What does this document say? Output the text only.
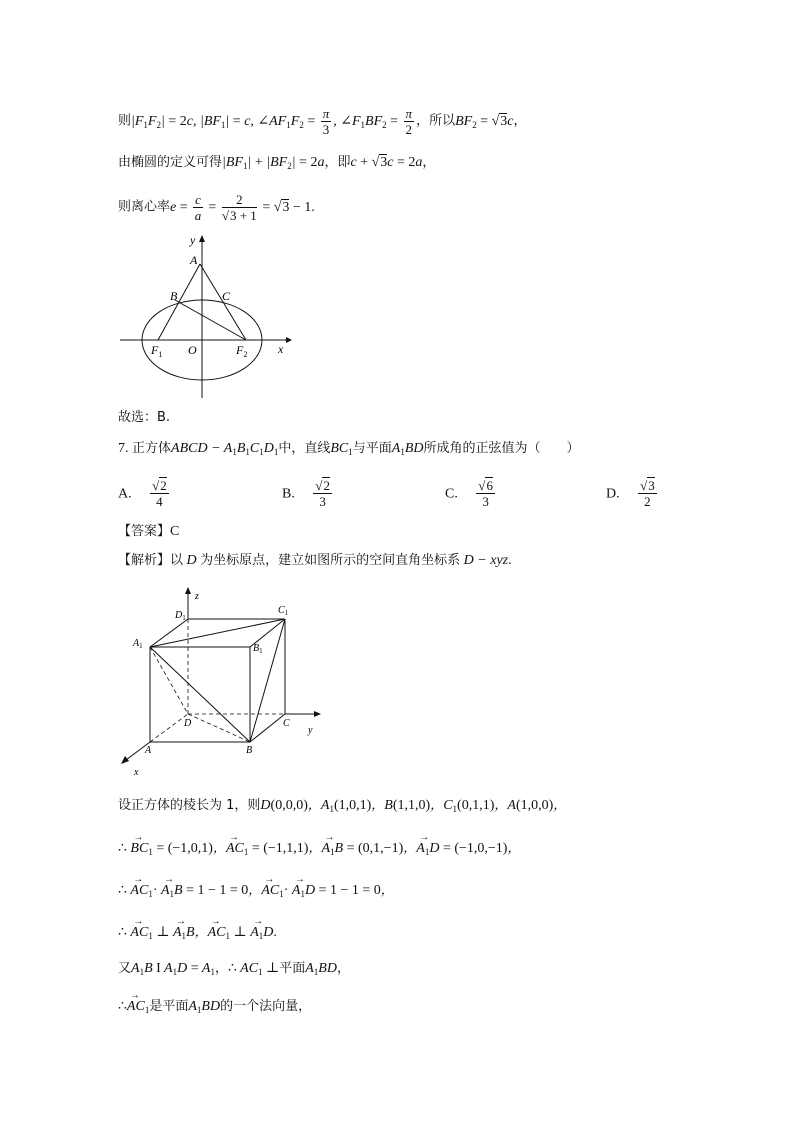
则$|F_1F_2| = 2c$, $|BF_1| = c$, $\angle AF_1F_2 = \frac{\pi}{3}$ , $\angle F_1BF_2 = \frac{\pi}{2}$ ，所以$BF_2 = √3c$，
由椭圆的定义可得$|BF_1| + |BF_2| = 2a$，即c + √3c = 2a，
则离心率$e = \frac{c}{a} = \frac{2}{√3 + 1} = √3 - 1$.
y
A
B	C
$F_1$ O	$F_2$	x
故选：B.
7. 正方体ABCD − $A_1B_1C_1D_1$中，直线$BC_1$与平面$A_1BD$所成角的正弦值为（　　）
A. $\frac{√2}{4}$	B. $\frac{√2}{3}$	C. $\frac{√6}{3}$	D. $\frac{√3}{2}$
【答案】C
【解析】以 D 为坐标原点，建立如图所示的空间直角坐标系 D − xyz.
z
$D_1$
$C_1$
$A_1$	$B_1$
D	C
y
A	B
x
设正方体的棱长为 1，则D(0,0,0)，$A_1(1,0,1)$，B(1,1,0)，$C_1(0,1,1)$，A(1,0,0)，
∴ → $BC_1 = (-1,0,1)$，→ $AC_1 = (-1,1,1)$，→ $A_1B = (0,1,-1)$，→ $A_1D = (-1,0,-1)$，
∴ → $AC_1\cdot \to A_1B = 1 - 1 = 0$，→ $AC_1\cdot \to A_1D = 1 - 1 = 0$，
∴ → $AC_1$ ⊥ → $A_1B$，→ $AC_1$ ⊥ → $A_1D$.
又$A_1B$ I $A_1D = A_1$，∴ $AC_1$ ⊥平面$A_1BD$，
∴→ $AC_1$是平面$A_1BD$的一个法向量，
